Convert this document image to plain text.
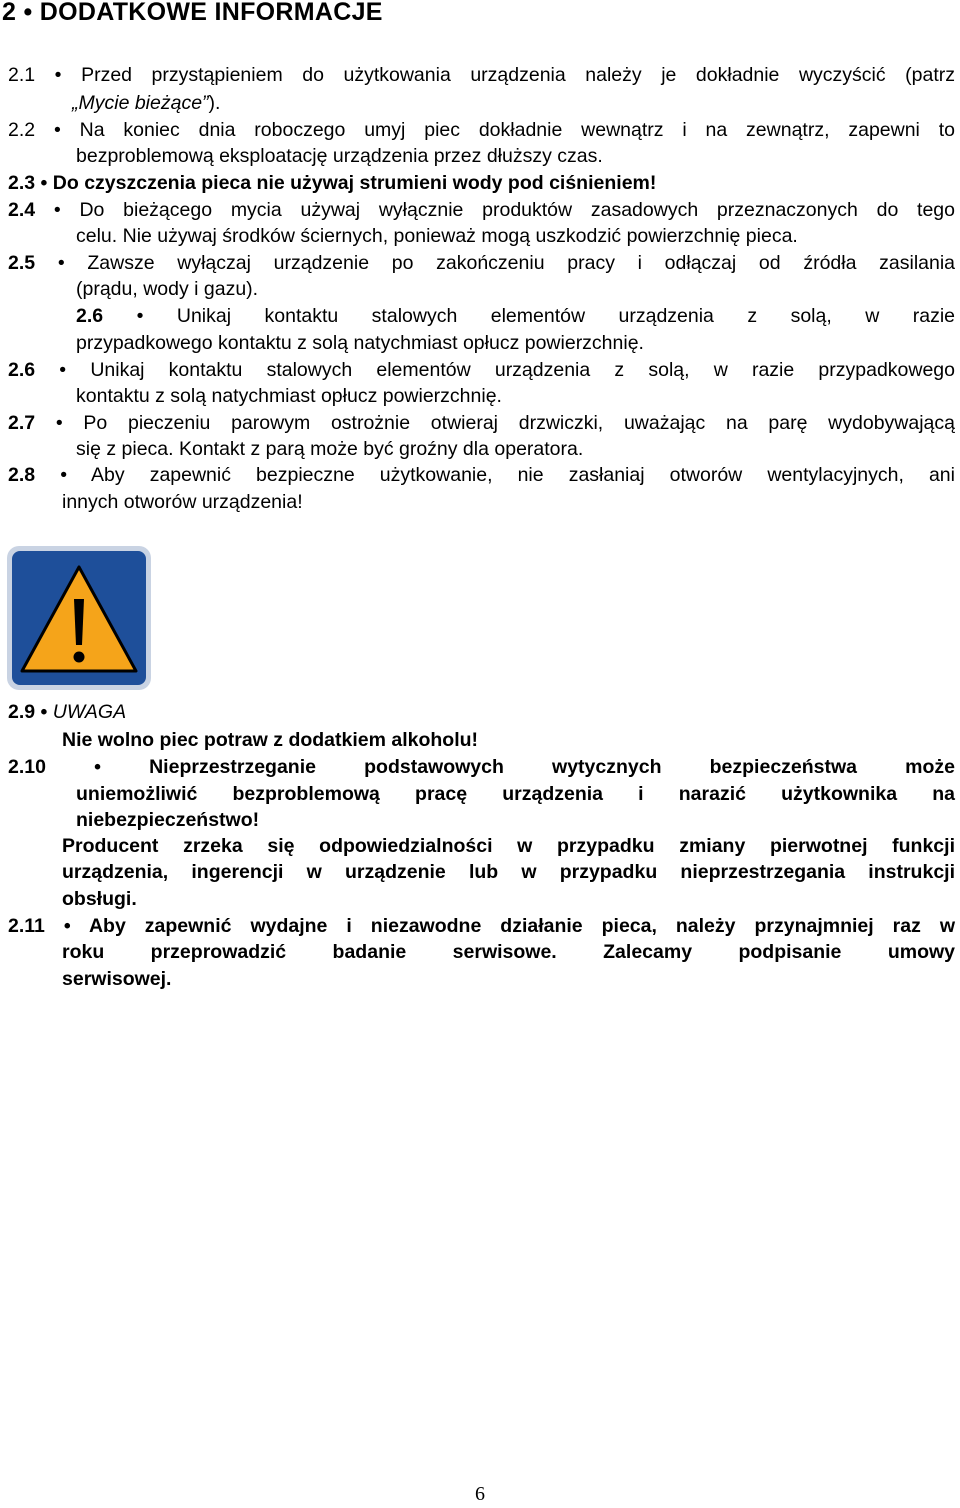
2 • DODATKOWE INFORMACJE
2.1 • Przed przystąpieniem do użytkowania urządzenia należy je dokładnie wyczyścić (patrz
„Mycie bieżące”).
2.2 • Na koniec dnia roboczego umyj piec dokładnie wewnątrz i na zewnątrz, zapewni to
bezproblemową eksploatację urządzenia przez dłuższy czas.
2.3 • Do czyszczenia pieca nie używaj strumieni wody pod ciśnieniem!
2.4 • Do bieżącego mycia używaj wyłącznie produktów zasadowych przeznaczonych do tego
celu. Nie używaj środków ściernych, ponieważ mogą uszkodzić powierzchnię pieca.
2.5 • Zawsze wyłączaj urządzenie po zakończeniu pracy i odłączaj od źródła zasilania
(prądu, wody i gazu).
2.6 • Unikaj kontaktu stalowych elementów urządzenia z solą, w razie
przypadkowego kontaktu z solą natychmiast opłucz powierzchnię.
2.6 • Unikaj kontaktu stalowych elementów urządzenia z solą, w razie przypadkowego
kontaktu z solą natychmiast opłucz powierzchnię.
2.7 • Po pieczeniu parowym ostrożnie otwieraj drzwiczki, uważając na parę wydobywającą
się z pieca. Kontakt z parą może być groźny dla operatora.
2.8 • Aby zapewnić bezpieczne użytkowanie, nie zasłaniaj otworów wentylacyjnych, ani
innych otworów urządzenia!
2.9 • UWAGA
Nie wolno piec potraw z dodatkiem alkoholu!
2.10 • Nieprzestrzeganie podstawowych wytycznych bezpieczeństwa może
uniemożliwić bezproblemową pracę urządzenia i narazić użytkownika na
niebezpieczeństwo!
Producent zrzeka się odpowiedzialności w przypadku zmiany pierwotnej funkcji
urządzenia, ingerencji w urządzenie lub w przypadku nieprzestrzegania instrukcji
obsługi.
2.11 • Aby zapewnić wydajne i niezawodne działanie pieca, należy przynajmniej raz w
roku przeprowadzić badanie serwisowe. Zalecamy podpisanie umowy
serwisowej.
6
